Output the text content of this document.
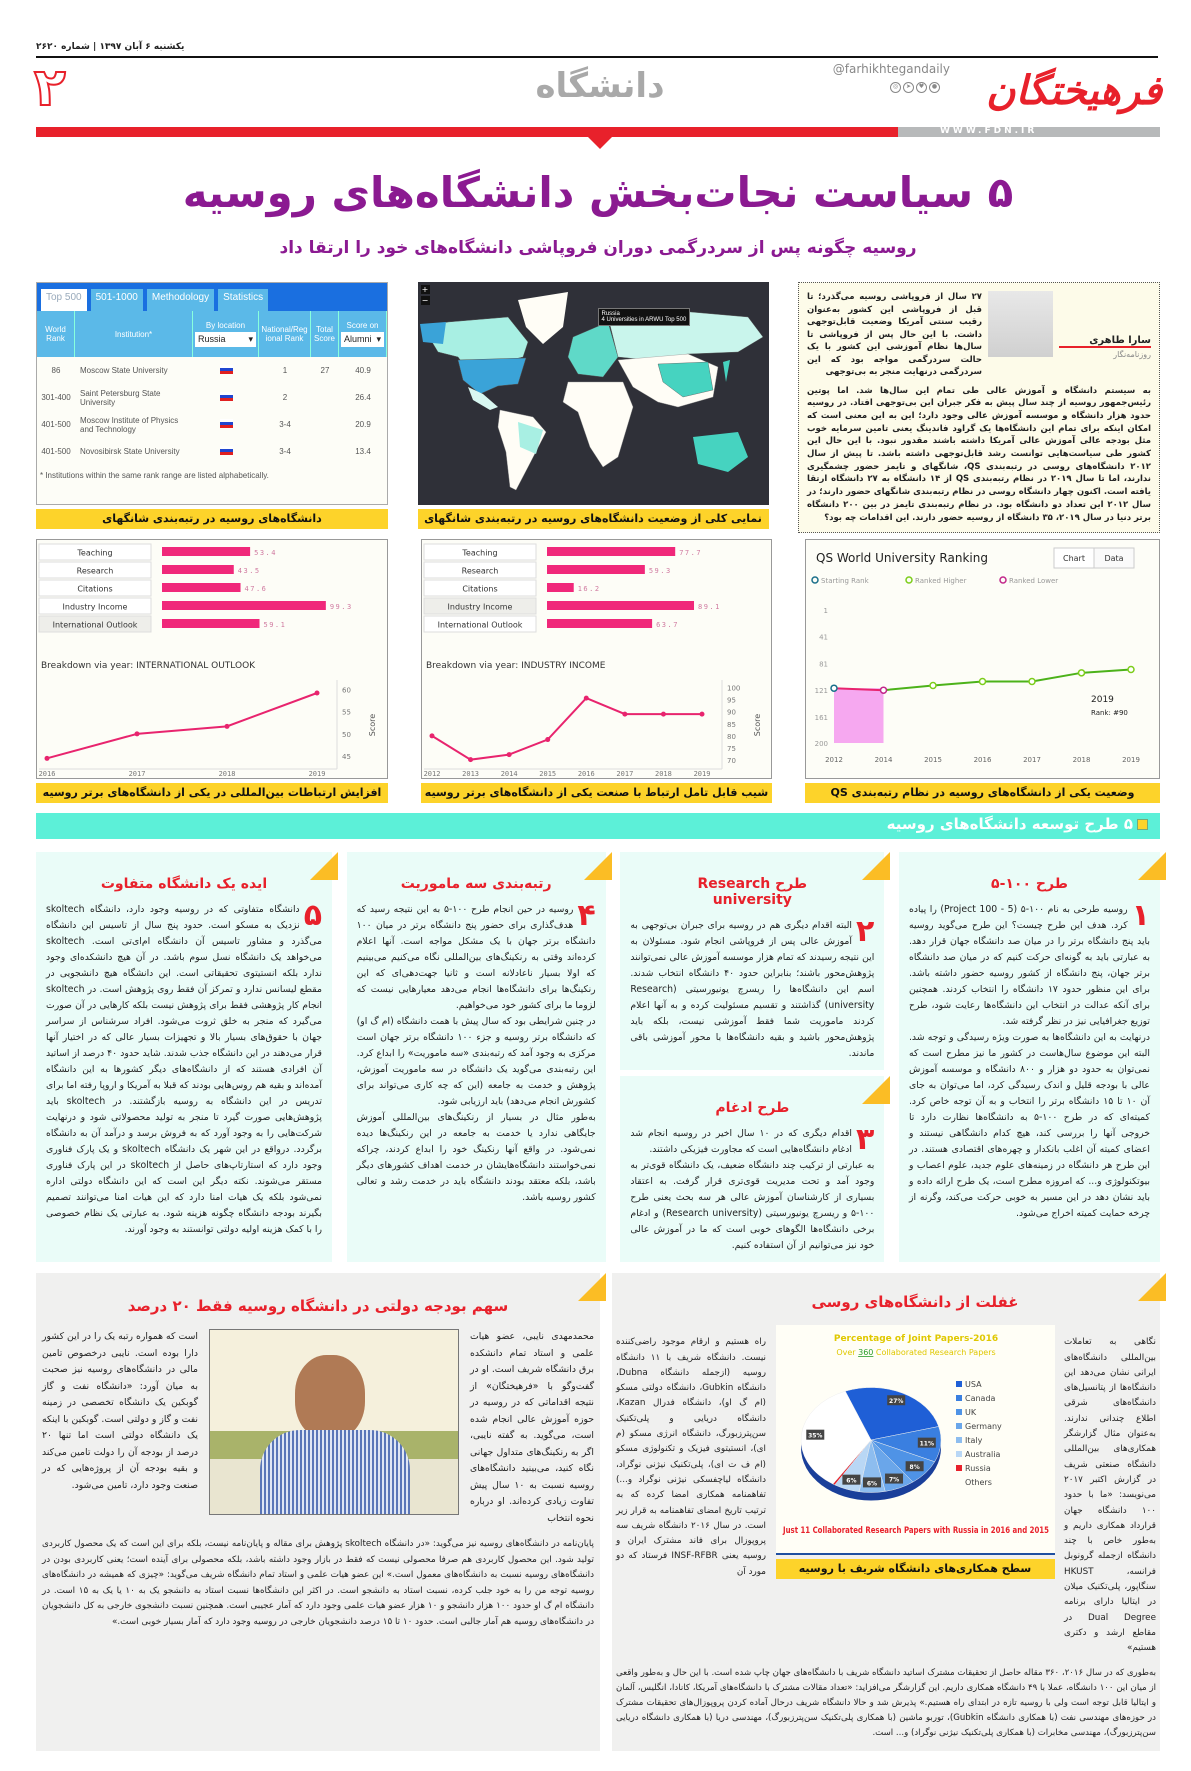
یکشنبه ۶ آبان ۱۳۹۷ | شماره ۲۶۲۰
فرهیختگان
@farhikhtegandaily
◎	➤	♥	●
دانشگاه
۲
WWW.FDN.IR
۵ سیاست نجات‌بخش دانشگاه‌های روسیه
روسیه چگونه پس از سردرگمی دوران فروپاشی دانشگاه‌های خود را ارتقا داد
Top 500	501-1000	Methodology	Statistics
World Rank	Institution*
By location
Russia	▾
National/Regional Rank
Total Score
Score on
Alumni ▾
86	Moscow State University	1	27	40.9
301-400	Saint Petersburg State University	2	26.4
401-500	Moscow Institute of Physics and Technology	3-4	20.9
401-500	Novosibirsk State University	3-4	13.4
* Institutions within the same rank range are listed alphabetically.
دانشگاه‌های روسیه در رتبه‌بندی شانگهای
+
−
Russia
4 Universities in ARWU Top 500
نمایی کلی از وضعیت دانشگاه‌های روسیه در رتبه‌بندی شانگهای
سارا طاهری
روزنامه‌نگار
۲۷ سال از فروپاشی روسیه می‌گذرد؛ تا قبل از فروپاشی این کشور به‌عنوان رقیب سنتی آمریکا وضعیت قابل‌توجهی داشت. با این حال پس از فروپاشی تا سال‌ها نظام آموزشی این کشور با یک حالت سردرگمی مواجه بود که این سردرگمی درنهایت منجر به بی‌توجهی
به سیستم دانشگاه و آموزش عالی طی تمام این سال‌ها شد. اما پوتین رئیس‌جمهور روسیه از چند سال پیش به فکر جبران این بی‌توجهی افتاد. در روسیه حدود هزار دانشگاه و موسسه آموزش عالی وجود دارد؛ این به این معنی است که امکان اینکه برای تمام این دانشگاه‌ها یک گراود فاندینگ یعنی تامین سرمایه خوب مثل بودجه عالی آموزش عالی آمریکا داشته باشند مقدور نبود. با این حال این کشور طی سیاست‌هایی توانست رشد قابل‌توجهی داشته باشد. تا پیش از سال ۲۰۱۲ دانشگاه‌های روسی در رتبه‌بندی QS، شانگهای و تایمز حضور چشمگیری ندارند، اما تا سال ۲۰۱۹ در نظام رتبه‌بندی QS از ۱۴ دانشگاه به ۲۷ دانشگاه ارتقا یافته است. اکنون چهار دانشگاه روسی در نظام رتبه‌بندی شانگهای حضور دارند؛ در سال ۲۰۱۲ این تعداد دو دانشگاه بود. در نظام رتبه‌بندی تایمز در بین ۲۰۰ دانشگاه برتر دنیا در سال ۲۰۱۹، ۳۵ دانشگاه از روسیه حضور دارند. این اقدامات چه بود؟
Teaching	53.4
Research	43.5
Citations	47.6
Industry Income	99.3
International Outlook	59.1
Breakdown via year: INTERNATIONAL OUTLOOK
45
50
55
60
Score
2016	2017	2018	2019
افزایش ارتباطات بین‌المللی در یکی از دانشگاه‌های برتر روسیه
Teaching	77.7
Research	59.3
Citations	16.2
Industry Income	89.1
International Outlook	63.7
Breakdown via year: INDUSTRY INCOME
70
75
80
85
90
95
100
Score
2012	2013	2014	2015	2016	2017	2018	2019
شیب قابل تامل ارتباط با صنعت یکی از دانشگاه‌های برتر روسیه
QS World University Ranking	Chart Data
Starting Rank	Ranked Higher	Ranked Lower
1
41
81
121
161
200
2012	2014	2015	2016	2017	2018	2019
2019
Rank: #90
وضعیت یکی از دانشگاه‌های روسیه در نظام رتبه‌بندی QS
۵ طرح توسعه دانشگاه‌های روسیه
ایده یک دانشگاه متفاوت
۵

دانشگاه متفاوتی که در روسیه وجود دارد، دانشگاه skoltech نزدیک به مسکو است. حدود پنج سال از تاسیس این دانشگاه می‌گذرد و مشاور تاسیس آن دانشگاه ام‌ای‌تی است. skoltech می‌خواهد یک دانشگاه نسل سوم باشد. در آن هیچ دانشکده‌ای وجود ندارد بلکه انستیتوی تحقیقاتی است. این دانشگاه هیچ دانشجویی در مقطع لیسانس ندارد و تمرکز آن فقط روی پژوهش است. در skoltech انجام کار پژوهشی فقط برای پژوهش نیست بلکه کارهایی در آن صورت می‌گیرد که منجر به خلق ثروت می‌شود. افراد سرشناس از سراسر جهان با حقوق‌های بسیار بالا و تجهیزات بسیار عالی که در اختیار آنها قرار می‌دهند در این دانشگاه جذب شدند. شاید حدود ۴۰ درصد از اساتید آن افرادی هستند که از دانشگاه‌های دیگر کشورها به این دانشگاه آمده‌اند و بقیه هم روس‌هایی بودند که قبلا به آمریکا و اروپا رفته اما برای تدریس در این دانشگاه به روسیه بازگشتند. در skoltech باید پژوهش‌هایی صورت گیرد تا منجر به تولید محصولاتی شود و درنهایت شرکت‌هایی را به وجود آورد که به فروش برسد و درآمد آن به دانشگاه برگردد. درواقع در این شهر یک دانشگاه skoltech و یک پارک فناوری وجود دارد که استارتاپ‌های حاصل از skoltech در این پارک فناوری مستقر می‌شوند. نکته دیگر این است که این دانشگاه دولتی اداره نمی‌شود بلکه یک هیات امنا دارد که این هیات امنا می‌توانند تصمیم بگیرند بودجه دانشگاه چگونه هزینه شود. به عبارتی یک نظام خصوصی را با کمک هزینه اولیه دولتی توانستند به وجود آورند.

رتبه‌بندی سه ماموریت
۴

روسیه در حین انجام طرح ۱۰۰-۵ به این نتیجه رسید که هدف‌گذاری برای حضور پنج دانشگاه برتر در میان ۱۰۰ دانشگاه برتر جهان با یک مشکل مواجه است. آنها اعلام کرده‌اند وقتی به رنکینگ‌های بین‌المللی نگاه می‌کنیم می‌بینیم که اولا بسیار ناعادلانه است و ثانیا جهت‌دهی‌ای که این رنکینگ‌ها برای دانشگاه‌ها انجام می‌دهد معیارهایی نیست که لزوما ما برای کشور خود می‌خواهیم.
در چنین شرایطی بود که سال پیش با همت دانشگاه (ام گ او) که دانشگاه برتر روسیه و جزء ۱۰۰ دانشگاه برتر جهان است مرکزی به وجود آمد که رتبه‌بندی «سه ماموریت» را ابداع کرد. این رتبه‌بندی می‌گوید یک دانشگاه در سه ماموریت آموزش، پژوهش و خدمت به جامعه (این که چه کاری می‌تواند برای کشورش انجام می‌دهد) باید ارزیابی شود.
به‌طور مثال در بسیار از رنکینگ‌های بین‌المللی آموزش جایگاهی ندارد یا خدمت به جامعه در این رنکینگ‌ها دیده نمی‌شود. در واقع آنها رنکینگ خود را ابداع کردند، چراکه نمی‌خواستند دانشگاه‌هایشان در خدمت اهداف کشورهای دیگر باشد، بلکه معتقد بودند دانشگاه باید در خدمت رشد و تعالی کشور روسیه باشد.

طرح Research university
۲

البته اقدام دیگری هم در روسیه برای جبران بی‌توجهی به آموزش عالی پس از فروپاشی انجام شود. مسئولان به این نتیجه رسیدند که تمام هزار موسسه آموزش عالی نمی‌توانند پژوهش‌محور باشند؛ بنابراین حدود ۴۰ دانشگاه انتخاب شدند. اسم این دانشگاه‌ها را ریسرچ یونیورسیتی (Research university) گذاشتند و تقسیم مسئولیت کرده و به آنها اعلام کردند ماموریت شما فقط آموزشی نیست، بلکه باید پژوهش‌محور باشید و بقیه دانشگاه‌ها با محور آموزشی باقی ماندند.

طرح ادغام
۳

اقدام دیگری که در ۱۰ سال اخیر در روسیه انجام شد ادغام دانشگاه‌هایی است که مجاورت فیزیکی داشتند.
به عبارتی از ترکیب چند دانشگاه ضعیف، یک دانشگاه قوی‌تر به وجود آمد و تحت مدیریت قوی‌تری قرار گرفت. به اعتقاد بسیاری از کارشناسان آموزش عالی هر سه بحث یعنی طرح ۱۰۰-۵ و ریسرچ یونیورسیتی (Research university) و ادغام برخی دانشگاه‌ها الگوهای خوبی است که ما در آموزش عالی خود نیز می‌توانیم از آن استفاده کنیم.

طرح ۱۰۰-۵
۱

روسیه طرحی به نام ۱۰۰-۵ (5 - 100 Project) را پیاده کرد. هدف این طرح چیست؟ این طرح می‌گوید روسیه باید پنج دانشگاه برتر را در میان صد دانشگاه جهان قرار دهد. به عبارتی باید به گونه‌ای حرکت کنیم که در میان صد دانشگاه برتر جهان، پنج دانشگاه از کشور روسیه حضور داشته باشد. برای این منظور حدود ۱۷ دانشگاه را انتخاب کردند. همچنین برای آنکه عدالت در انتخاب این دانشگاه‌ها رعایت شود، طرح توزیع جغرافیایی نیز در نظر گرفته شد.
درنهایت به این دانشگاه‌ها به صورت ویژه رسیدگی و توجه شد. البته این موضوع سال‌هاست در کشور ما نیز مطرح است که نمی‌توان به حدود دو هزار و ۸۰۰ دانشگاه و موسسه آموزش عالی با بودجه قلیل و اندک رسیدگی کرد، اما می‌توان به جای آن ۱۰ تا ۱۵ دانشگاه برتر را انتخاب و به آن توجه خاص کرد. کمیته‌ای که در طرح ۱۰۰-۵ به دانشگاه‌ها نظارت دارد تا خروجی آنها را بررسی کند، هیچ کدام دانشگاهی نیستند و اعضای کمیته آن اغلب بانکدار و چهره‌های اقتصادی هستند. در این طرح هر دانشگاه در زمینه‌های علوم جدید، علوم اعصاب و بیوتکنولوژی و... که امروزه مطرح است، یک طرح ارائه داده و باید نشان دهد در این مسیر به خوبی حرکت می‌کند، وگرنه از چرخه حمایت کمیته اخراج می‌شود.

سهم بودجه دولتی در دانشگاه روسیه فقط ۲۰ درصد
است که همواره رتبه یک را در این کشور دارا بوده است. نایبی درخصوص تامین مالی در دانشگاه‌های روسیه نیز صحبت به میان آورد: «دانشگاه نفت و گاز گوبکین یک دانشگاه تخصصی در زمینه نفت و گاز و دولتی است. گوبکین با اینکه یک دانشگاه دولتی است اما تنها ۲۰ درصد از بودجه آن را دولت تامین می‌کند و بقیه بودجه آن از پروژه‌هایی که در صنعت وجود دارد، تامین می‌شود.
محمدمهدی نایبی، عضو هیات علمی و استاد تمام دانشکده برق دانشگاه شریف است. او در گفت‌وگو با «فرهیختگان» از نتیجه اقداماتی که در روسیه در حوزه آموزش عالی انجام شده است، می‌گوید. به گفته نایبی، اگر به رنکینگ‌های متداول جهانی نگاه کنید، می‌بینید دانشگاه‌های روسیه نسبت به ۱۰ سال پیش تفاوت زیادی کرده‌اند. او درباره نحوه انتخاب
پایان‌نامه در دانشگاه‌های روسیه نیز می‌گوید: «در دانشگاه skoltech پژوهش برای مقاله و پایان‌نامه نیست، بلکه برای این است که یک محصول کاربردی تولید شود. این محصول کاربردی هم صرفا محصولی نیست که فقط در بازار وجود داشته باشد، بلکه محصولی برای آینده است؛ یعنی کاربردی بودن در دانشگاه‌های روسیه نسبت به دانشگاه‌های معمول است.» این عضو هیات علمی و استاد تمام دانشگاه شریف می‌گوید: «چیزی که همیشه در دانشگاه‌های روسیه توجه من را به خود جلب کرده، نسبت استاد به دانشجو است. در اکثر این دانشگاه‌ها نسبت استاد به دانشجو یک به ۱۰ یا یک به ۱۵ است. در دانشگاه ام گ او حدود ۱۰۰ هزار دانشجو و ۱۰ هزار عضو هیات علمی وجود دارد که آمار عجیبی است. همچنین نسبت دانشجوی خارجی به کل دانشجویان در دانشگاه‌های روسیه هم آمار جالبی است. حدود ۱۰ تا ۱۵ درصد دانشجویان خارجی در روسیه وجود دارد که آمار بسیار خوبی است.»
راه هستیم و ارقام موجود راضی‌کننده نیست. دانشگاه شریف با ۱۱ دانشگاه روسیه (ازجمله دانشگاه Dubna، دانشگاه Gubkin، دانشگاه دولتی مسکو (ام گ او)، دانشگاه فدرال Kazan، دانشگاه دریایی و پلی‌تکنیک سن‌پترزبورگ، دانشگاه انرژی مسکو (م ای)، انستیتوی فیزیک و تکنولوژی مسکو (ام ف ت ای)، پلی‌تکنیک نیژنی نوگراد، دانشگاه لیاچفسکی نیژنی نوگراد و...) تفاهمنامه همکاری امضا کرده که به ترتیب تاریخ امضای تفاهمنامه به قرار زیر است. در سال ۲۰۱۶ دانشگاه شریف سه پروپوزال برای فاند مشترک ایران و روسیه یعنی INSF-RFBR فرستاد که دو مورد آن
غفلت از دانشگاه‌های روسی
Percentage of Joint Papers-2016
Over 360 Collaborated Research Papers
27%
11%
8%
7%
6%
6%
35%
USA
Canada
UK
Germany
Italy
Australia
Russia
Others
Just 11 Collaborated Research Papers with Russia in 2016 and 2015
سطح همکاری‌های دانشگاه شریف با روسیه
نگاهی به تعاملات بین‌المللی دانشگاه‌های ایرانی نشان می‌دهد این دانشگاه‌ها از پتانسیل‌های دانشگاه‌های شرقی اطلاع چندانی ندارند. به‌عنوان مثال گزارشگر همکاری‌های بین‌المللی دانشگاه صنعتی شریف در گزارش اکتبر ۲۰۱۷ می‌نویسد: «ما با حدود ۱۰۰ دانشگاه جهان قرارداد همکاری داریم و به‌طور خاص با چند دانشگاه ازجمله گرونوبل فرانسه، HKUST سنگاپور، پلی‌تکنیک میلان در ایتالیا دارای برنامه Dual Degree در مقاطع ارشد و دکتری هستیم»
به‌طوری که در سال ۲۰۱۶، ۳۶۰ مقاله حاصل از تحقیقات مشترک اساتید دانشگاه شریف با دانشگاه‌های جهان چاپ شده است. با این حال و به‌طور واقعی از میان این ۱۰۰ دانشگاه، عملا با ۴۹ دانشگاه همکاری داریم. این گزارشگر می‌افزاید: «تعداد مقالات مشترک با دانشگاه‌های آمریکا، کانادا، انگلیس، آلمان و ایتالیا قابل توجه است ولی با روسیه تازه در ابتدای راه هستیم.» پذیرش شد و حالا دانشگاه شریف درحال آماده کردن پروپوزال‌های تحقیقات مشترک در حوزه‌های مهندسی نفت (با همکاری دانشگاه Gubkin)، توربو ماشین (با همکاری پلی‌تکنیک سن‌پترزبورگ)، مهندسی دریا (با همکاری دانشگاه دریایی سن‌پترزبورگ)، مهندسی مخابرات (با همکاری پلی‌تکنیک نیژنی نوگراد) و... است.
